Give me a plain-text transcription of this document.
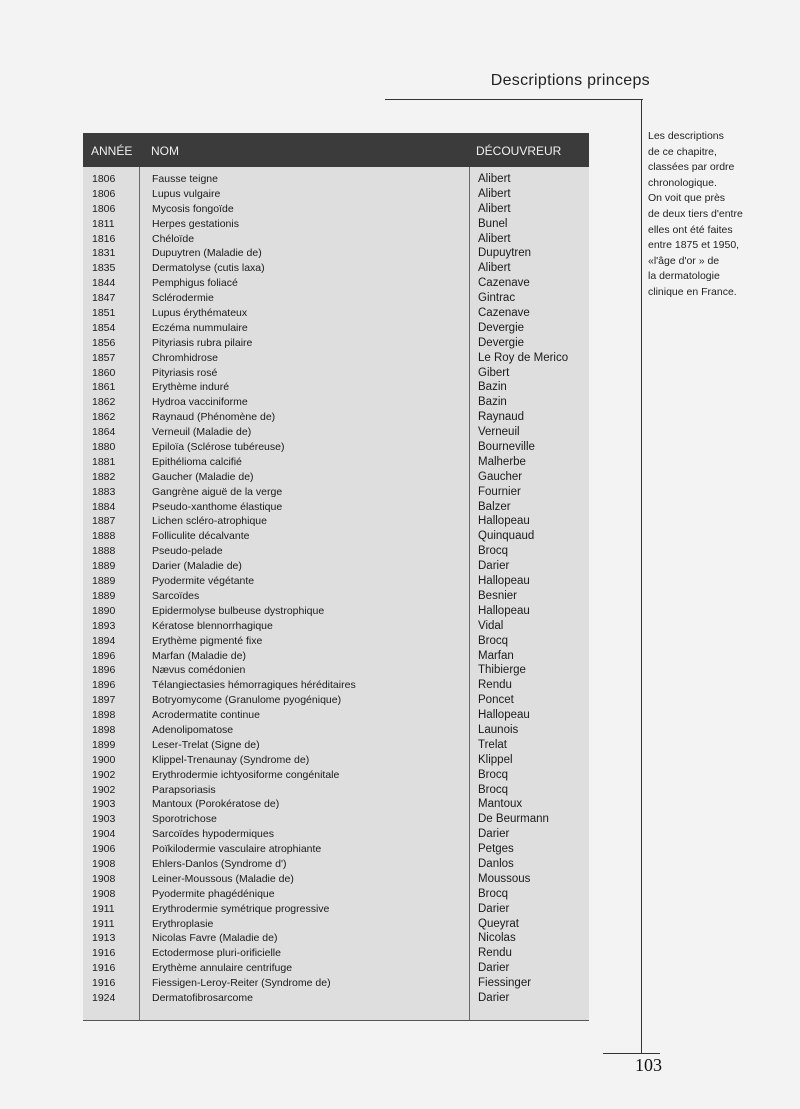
Descriptions princeps
Les descriptions
de ce chapitre,
classées par ordre
chronologique.
On voit que près
de deux tiers d'entre
elles ont été faites
entre 1875 et 1950,
«l'âge d'or » de
la dermatologie
clinique en France.
ANNÉE NOM	DÉCOUVREUR
1806	Fausse teigne	Alibert
1806	Lupus vulgaire	Alibert
1806	Mycosis fongoïde	Alibert
1811	Herpes gestationis	Bunel
1816	Chéloïde	Alibert
1831	Dupuytren (Maladie de)	Dupuytren
1835	Dermatolyse (cutis laxa)	Alibert
1844	Pemphigus foliacé	Cazenave
1847	Sclérodermie	Gintrac
1851	Lupus érythémateux	Cazenave
1854	Eczéma nummulaire	Devergie
1856	Pityriasis rubra pilaire	Devergie
1857	Chromhidrose	Le Roy de Merico
1860	Pityriasis rosé	Gibert
1861	Erythème induré	Bazin
1862	Hydroa vacciniforme	Bazin
1862	Raynaud (Phénomène de)	Raynaud
1864	Verneuil (Maladie de)	Verneuil
1880	Epiloïa (Sclérose tubéreuse)	Bourneville
1881	Epithélioma calcifié	Malherbe
1882	Gaucher (Maladie de)	Gaucher
1883	Gangrène aiguë de la verge	Fournier
1884	Pseudo-xanthome élastique	Balzer
1887	Lichen scléro-atrophique	Hallopeau
1888	Folliculite décalvante	Quinquaud
1888	Pseudo-pelade	Brocq
1889	Darier (Maladie de)	Darier
1889	Pyodermite végétante	Hallopeau
1889	Sarcoïdes	Besnier
1890	Epidermolyse bulbeuse dystrophique	Hallopeau
1893	Kératose blennorrhagique	Vidal
1894	Erythème pigmenté fixe	Brocq
1896	Marfan (Maladie de)	Marfan
1896	Nævus comédonien	Thibierge
1896	Télangiectasies hémorragiques héréditaires	Rendu
1897	Botryomycome (Granulome pyogénique)	Poncet
1898	Acrodermatite continue	Hallopeau
1898	Adenolipomatose	Launois
1899	Leser-Trelat (Signe de)	Trelat
1900	Klippel-Trenaunay (Syndrome de)	Klippel
1902	Erythrodermie ichtyosiforme congénitale	Brocq
1902	Parapsoriasis	Brocq
1903	Mantoux (Porokératose de)	Mantoux
1903	Sporotrichose	De Beurmann
1904	Sarcoïdes hypodermiques	Darier
1906	Poïkilodermie vasculaire atrophiante	Petges
1908	Ehlers-Danlos (Syndrome d')	Danlos
1908	Leiner-Moussous (Maladie de)	Moussous
1908	Pyodermite phagédénique	Brocq
1911	Erythrodermie symétrique progressive	Darier
1911	Erythroplasie	Queyrat
1913	Nicolas Favre (Maladie de)	Nicolas
1916	Ectodermose pluri-orificielle	Rendu
1916	Erythème annulaire centrifuge	Darier
1916	Fiessigen-Leroy-Reiter (Syndrome de)	Fiessinger
1924	Dermatofibrosarcome	Darier
103
